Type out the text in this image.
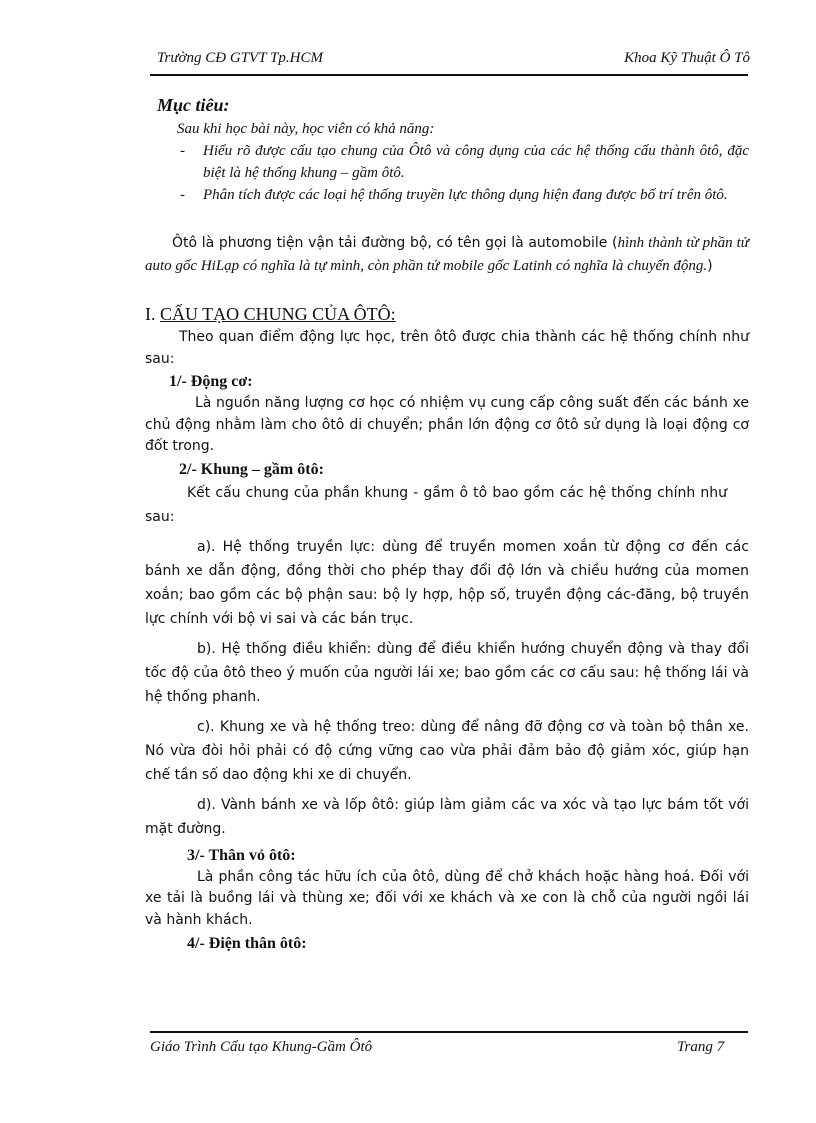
Trường CĐ GTVT Tp.HCM	Khoa Kỹ Thuật Ô Tô
Mục tiêu:
Sau khi học bài này, học viên có khả năng:
- Hiểu rõ được cấu tạo chung của Ôtô và công dụng của các hệ thống cấu thành ôtô, đặc biệt là hệ thống khung – gầm ôtô.
- Phân tích được các loại hệ thống truyền lực thông dụng hiện đang được bố trí trên ôtô.
Ôtô là phương tiện vận tải đường bộ, có tên gọi là automobile (hình thành từ phần tử auto gốc HiLạp có nghĩa là tự mình, còn phần tử mobile gốc Latinh có nghĩa là chuyển động.)
I. CẤU TẠO CHUNG CỦA ÔTÔ:
Theo quan điểm động lực học, trên ôtô được chia thành các hệ thống chính như sau:
1/- Động cơ:
Là nguồn năng lượng cơ học có nhiệm vụ cung cấp công suất đến các bánh xe chủ động nhằm làm cho ôtô di chuyển; phần lớn động cơ ôtô sử dụng là loại động cơ đốt trong.
2/- Khung – gầm ôtô:
Kết cấu chung của phần khung - gầm ô tô bao gồm các hệ thống chính như sau:
a). Hệ thống truyền lực: dùng để truyền momen xoắn từ động cơ đến các bánh xe dẫn động, đồng thời cho phép thay đổi độ lớn và chiều hướng của momen xoắn; bao gồm các bộ phận sau: bộ ly hợp, hộp số, truyền động các-đăng, bộ truyền lực chính với bộ vi sai và các bán trục.
b). Hệ thống điều khiển: dùng để điều khiển hướng chuyển động và thay đổi tốc độ của ôtô theo ý muốn của người lái xe; bao gồm các cơ cấu sau: hệ thống lái và hệ thống phanh.
c). Khung xe và hệ thống treo: dùng để nâng đỡ động cơ và toàn bộ thân xe. Nó vừa đòi hỏi phải có độ cứng vững cao vừa phải đảm bảo độ giảm xóc, giúp hạn chế tần số dao động khi xe di chuyển.
d). Vành bánh xe và lốp ôtô: giúp làm giảm các va xóc và tạo lực bám tốt với mặt đường.
3/- Thân vỏ ôtô:
Là phần công tác hữu ích của ôtô, dùng để chở khách hoặc hàng hoá. Đối với xe tải là buồng lái và thùng xe; đối với xe khách và xe con là chỗ của người ngồi lái và hành khách.
4/- Điện thân ôtô:
Giáo Trình Cấu tạo Khung-Gầm Ôtô	Trang 7
